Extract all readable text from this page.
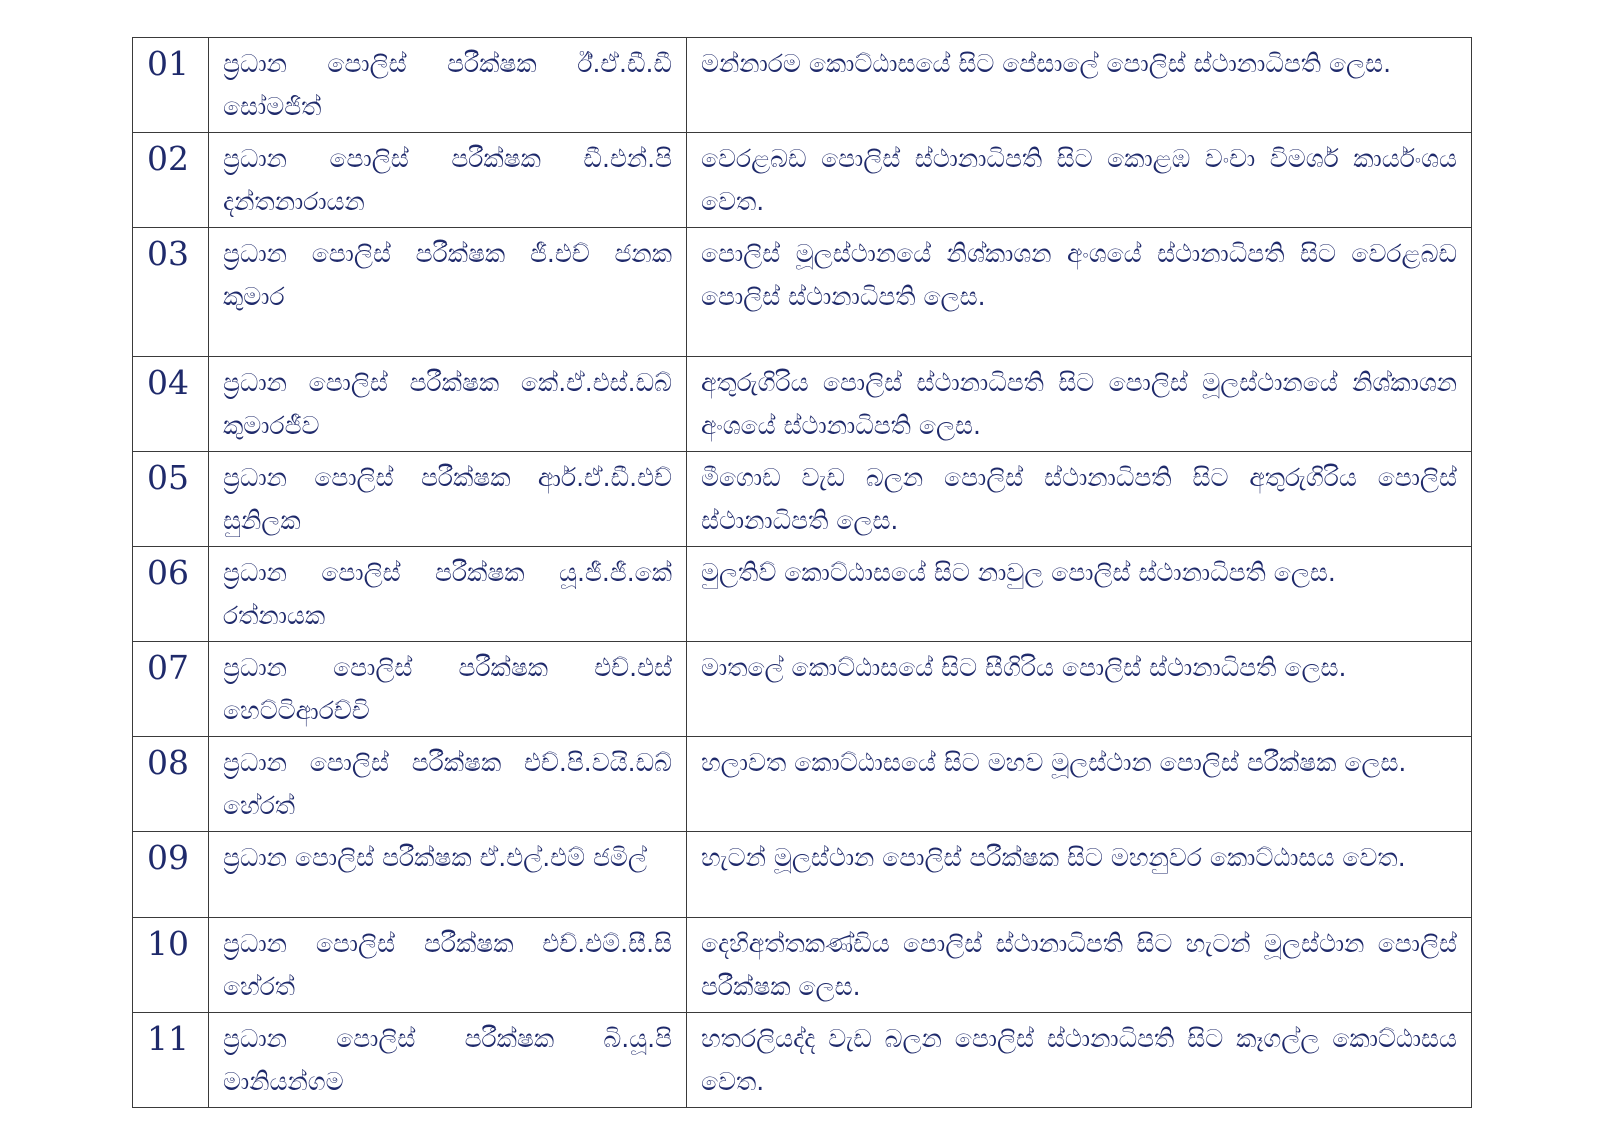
01	ප්‍රධාන පොලිස් පරීක්ෂක ඊ්.ඒ.ඩී.ඩී සෝමජිත්	මන්නාරම කොට්ඨාසයේ සිට පේසාලේ පොලිස් ස්ථානාධිපති ලෙස.
02	ප්‍රධාන පොලිස් පරීක්ෂක ඩී.එන්.පි දන්තනාරායන	වෙරළබඩ පොලිස් ස්ථානාධිපති සිට කොළඹ වංචා විමර්ශ කාර්යංශය වෙත.
03	ප්‍රධාන පොලිස් පරීක්ෂක ජී.එච් ජනක කුමාර	පොලිස් මූලස්ථානයේ නිශ්කාශන අංශයේ ස්ථානාධිපති සිට වෙරළබඩ පොලිස් ස්ථානාධිපති ලෙස.
04	ප්‍රධාන පොලිස් පරීක්ෂක කේ.ඒ.එස්.ඩබ් කුමාරජීව	අතුරුගිරිය පොලිස් ස්ථානාධිපති සිට පොලිස් මූලස්ථානයේ නිශ්කාශන අංශයේ ස්ථානාධිපති ලෙස.
05	ප්‍රධාන පොලිස් පරීක්ෂක ආර්.ඒ.ඩී.එච් සුනිලක	මීගොඩ වැඩ බලන පොලිස් ස්ථානාධිපති සිට අතුරුගිරිය පොලිස් ස්ථානාධිපති ලෙස.
06	ප්‍රධාන පොලිස් පරීක්ෂක යූ.ජී.ජී.කේ රත්නායක	මුලතිව් කොට්ඨාසයේ සිට නාවුල පොලිස් ස්ථානාධිපති ලෙස.
07	ප්‍රධාන පොලිස් පරීක්ෂක එච්.එස් හෙට්ටිආරච්චි	මාතලේ කොට්ඨාසයේ සිට සීගිරිය පොලිස් ස්ථානාධිපති ලෙස.
08	ප්‍රධාන පොලිස් පරීක්ෂක එච්.පි.වයි.ඩබ් හේරත්	හලාවත කොට්ඨාසයේ සිට මහව මූලස්ථාන පොලිස් පරීක්ෂක ලෙස.
09	ප්‍රධාන පොලිස් පරීක්ෂක ඒ.එල්.එම් ජමිල්	හැටන් මූලස්ථාන පොලිස් පරීක්ෂක සිට මහනුවර කොට්ඨාසය වෙත.
10	ප්‍රධාන පොලිස් පරීක්ෂක එච්.එම්.සී.සි හේරත්	දෙහිඅත්තකණ්ඩිය පොලිස් ස්ථානාධිපති සිට හැටන් මූලස්ථාන පොලිස් පරීක්ෂක ලෙස.
11	ප්‍රධාන පොලිස් පරීක්ෂක බි.යූ.පි මානියන්ගම	හතරලියද්ද වැඩ බලන පොලිස් ස්ථානාධිපති සිට කෑගල්ල කොට්ඨාසය වෙත.
